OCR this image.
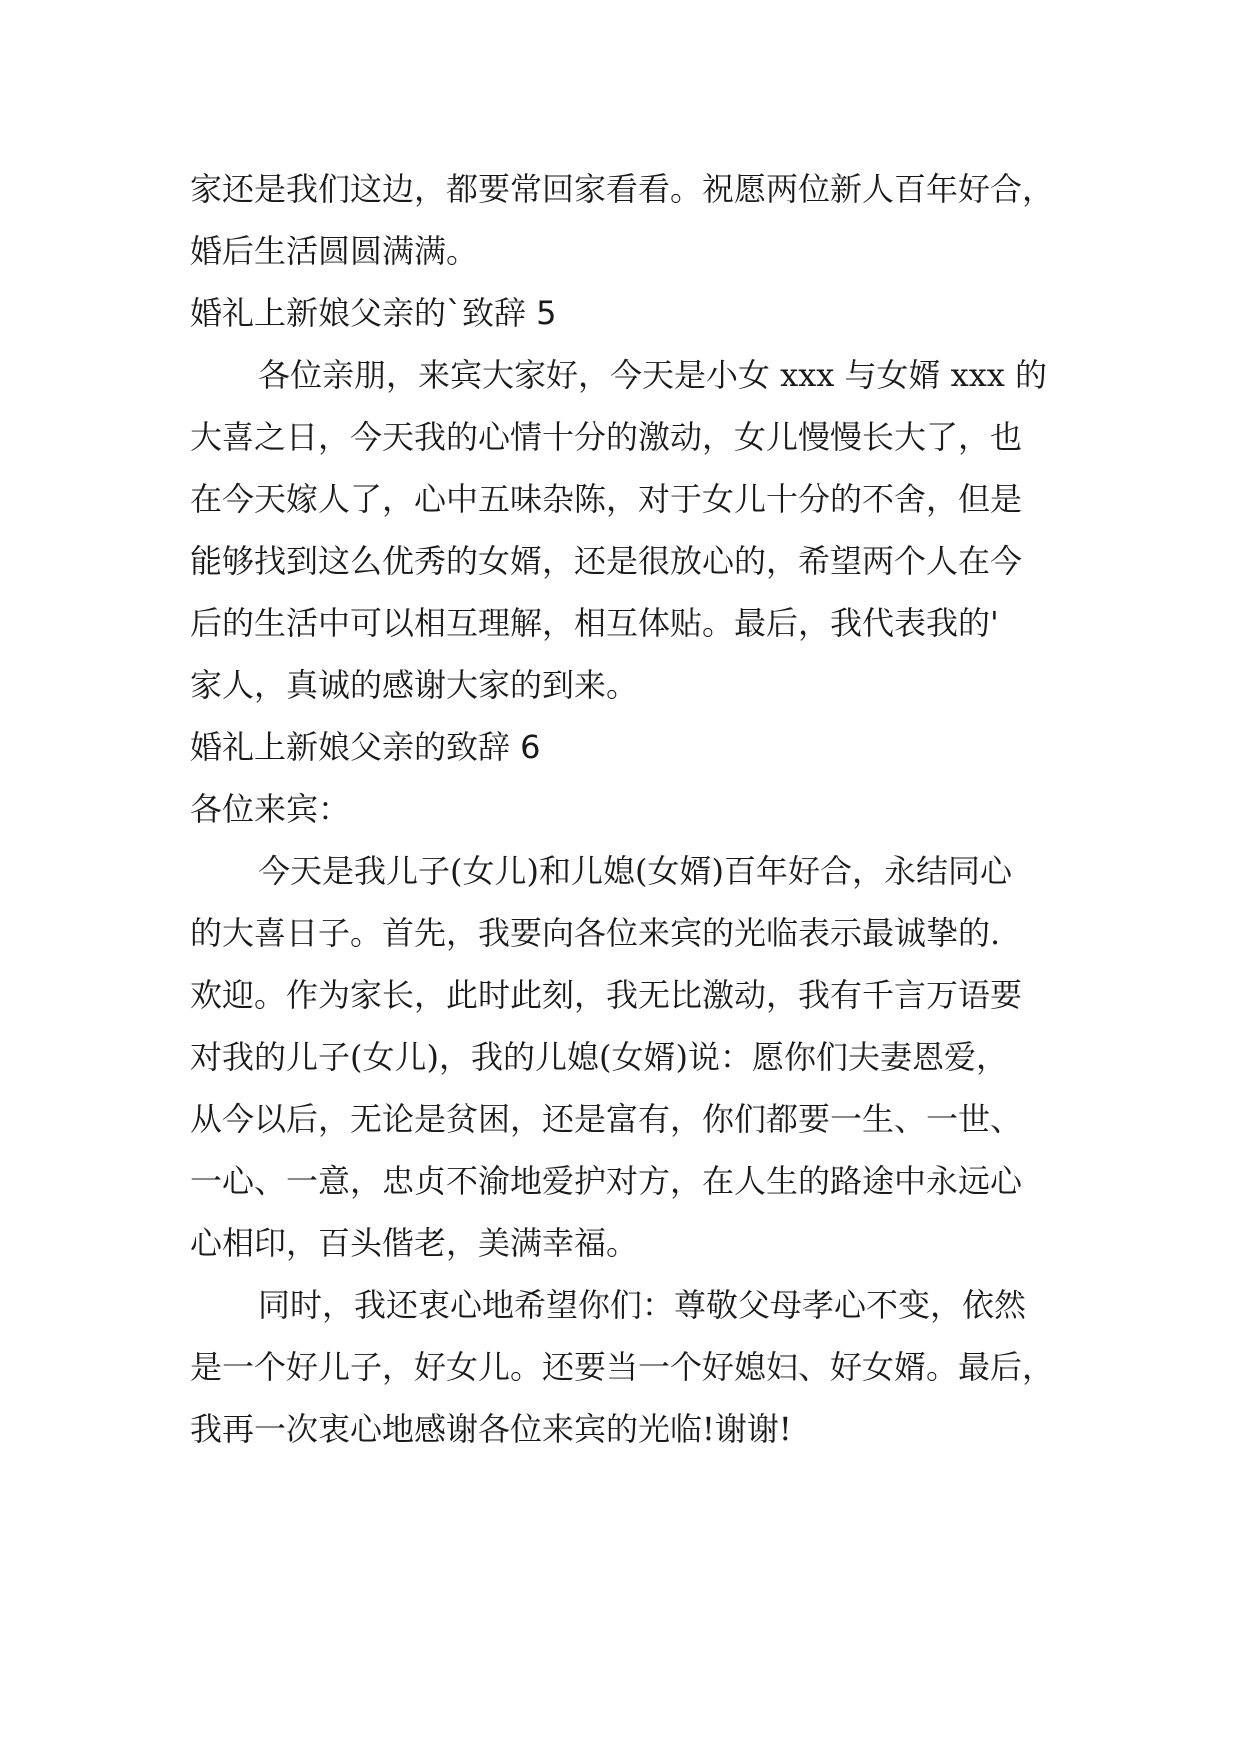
家还是我们这边，都要常回家看看。祝愿两位新人百年好合，
婚后生活圆圆满满。
婚礼上新娘父亲的`致辞 5
各位亲朋，来宾大家好，今天是小女 xxx 与女婿 xxx 的
大喜之日，今天我的心情十分的激动，女儿慢慢长大了，也
在今天嫁人了，心中五味杂陈，对于女儿十分的不舍，但是
能够找到这么优秀的女婿，还是很放心的，希望两个人在今
后的生活中可以相互理解，相互体贴。最后，我代表我的'
家人，真诚的感谢大家的到来。
婚礼上新娘父亲的致辞 6
各位来宾：
今天是我儿子(女儿)和儿媳(女婿)百年好合，永结同心
的大喜日子。首先，我要向各位来宾的光临表示最诚挚的.
欢迎。作为家长，此时此刻，我无比激动，我有千言万语要
对我的儿子(女儿)，我的儿媳(女婿)说：愿你们夫妻恩爱，
从今以后，无论是贫困，还是富有，你们都要一生、一世、
一心、一意，忠贞不渝地爱护对方，在人生的路途中永远心
心相印，百头偕老，美满幸福。
同时，我还衷心地希望你们：尊敬父母孝心不变，依然
是一个好儿子，好女儿。还要当一个好媳妇、好女婿。最后，
我再一次衷心地感谢各位来宾的光临!谢谢!
